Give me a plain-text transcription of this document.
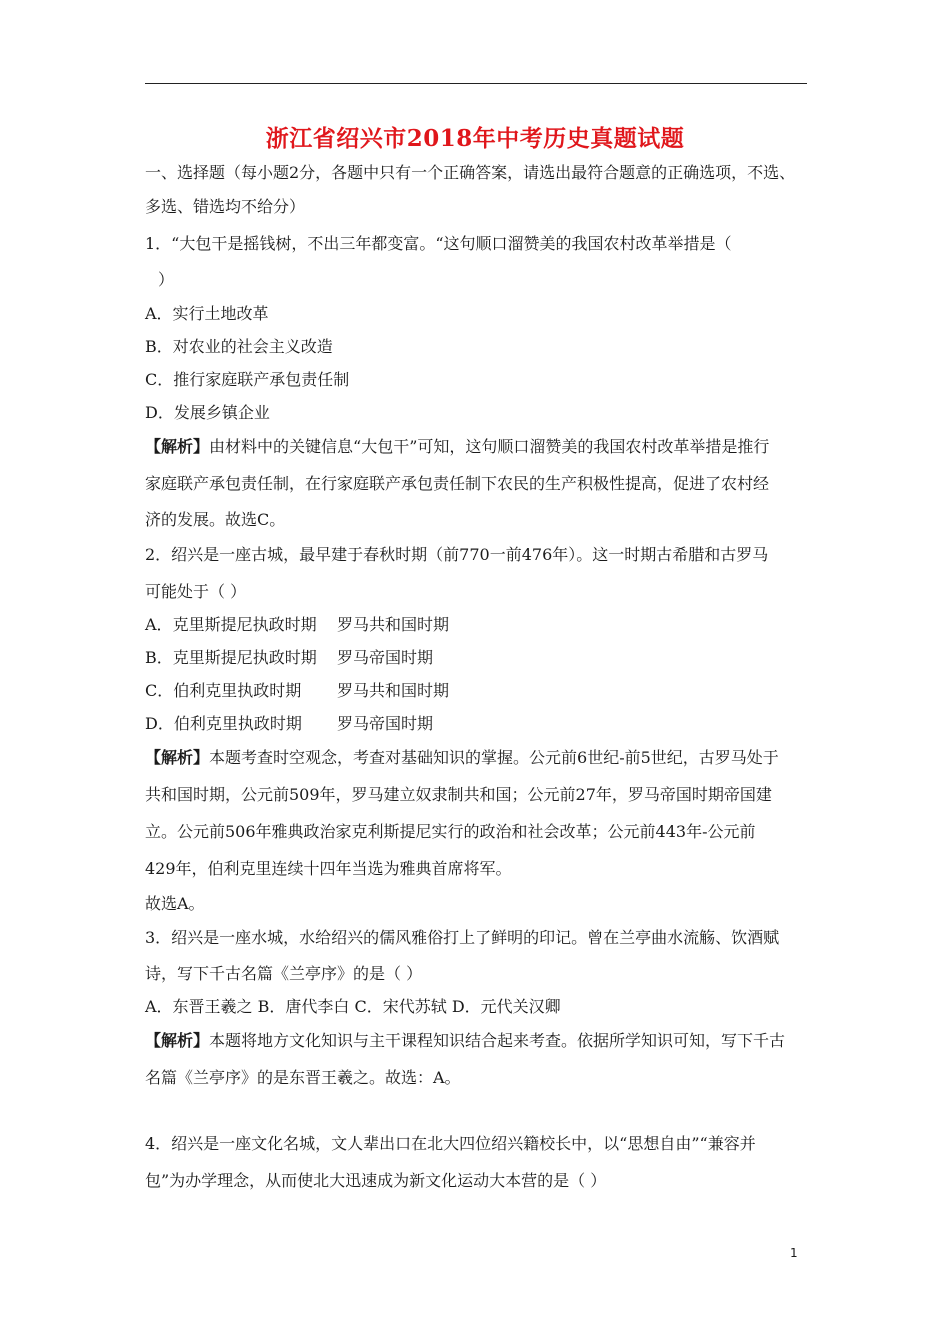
浙江省绍兴市2018年中考历史真题试题
一、选择题（每小题2分，各题中只有一个正确答案，请选出最符合题意的正确选项，不选、
多选、错选均不给分）
1．“大包干是摇钱树，不出三年都变富。“这句顺口溜赞美的我国农村改革举措是（
）
A．实行土地改革
B．对农业的社会主义改造
C．推行家庭联产承包责任制
D．发展乡镇企业
【解析】由材料中的关键信息“大包干”可知，这句顺口溜赞美的我国农村改革举措是推行
家庭联产承包责任制，在行家庭联产承包责任制下农民的生产积极性提高，促进了农村经
济的发展。故选C。
2．绍兴是一座古城，最早建于春秋时期（前770一前476年）。这一时期古希腊和古罗马
可能处于（ ）
A．克里斯提尼执政时期 罗马共和国时期
B．克里斯提尼执政时期 罗马帝国时期
C．伯利克里执政时期 罗马共和国时期
D．伯利克里执政时期 罗马帝国时期
【解析】本题考查时空观念，考查对基础知识的掌握。公元前6世纪-前5世纪，古罗马处于
共和国时期，公元前509年，罗马建立奴隶制共和国；公元前27年，罗马帝国时期帝国建
立。公元前506年雅典政治家克利斯提尼实行的政治和社会改革；公元前443年-公元前
429年，伯利克里连续十四年当选为雅典首席将军。
故选A。
3．绍兴是一座水城，水给绍兴的儒风雅俗打上了鲜明的印记。曾在兰亭曲水流觞、饮酒赋
诗，写下千古名篇《兰亭序》的是（ ）
A．东晋王羲之 B．唐代李白 C．宋代苏轼 D．元代关汉卿
【解析】本题将地方文化知识与主干课程知识结合起来考查。依据所学知识可知，写下千古
名篇《兰亭序》的是东晋王羲之。故选：A。
4．绍兴是一座文化名城，文人辈出口在北大四位绍兴籍校长中，以“思想自由”“兼容并
包”为办学理念，从而使北大迅速成为新文化运动大本营的是（ ）
1
